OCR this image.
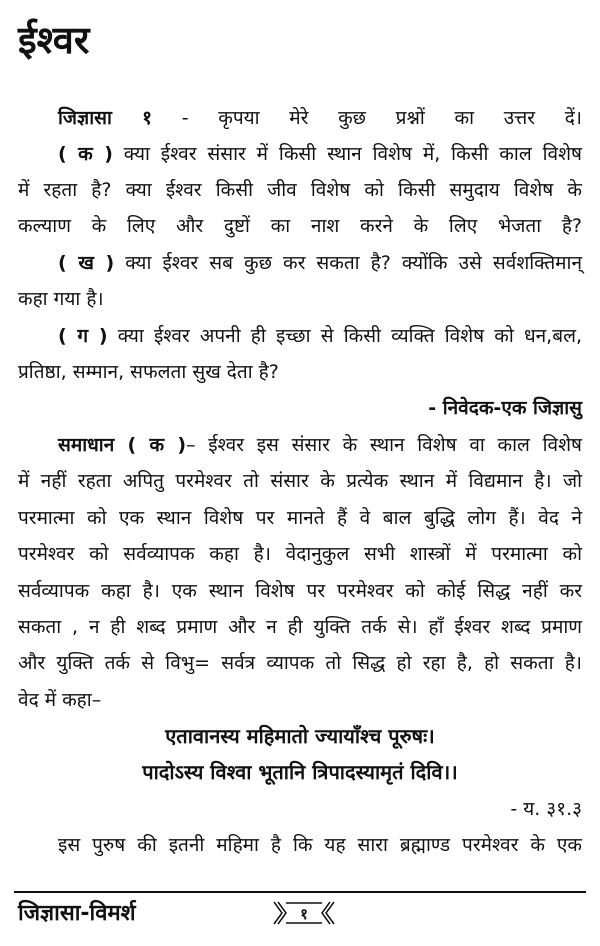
ईश्वर
जिज्ञासा १ - कृपया मेरे कुछ प्रश्नों का उत्तर दें।
( क ) क्या ईश्वर संसार में किसी स्थान विशेष में, किसी काल विशेष
में रहता है? क्या ईश्वर किसी जीव विशेष को किसी समुदाय विशेष के
कल्याण के लिए और दुष्टों का नाश करने के लिए भेजता है?
( ख ) क्या ईश्वर सब कुछ कर सकता है? क्योंकि उसे सर्वशक्तिमान्
कहा गया है।
( ग ) क्या ईश्वर अपनी ही इच्छा से किसी व्यक्ति विशेष को धन,बल,
प्रतिष्ठा, सम्मान, सफलता सुख देता है?
- निवेदक-एक जिज्ञासु
समाधान ( क )– ईश्वर इस संसार के स्थान विशेष वा काल विशेष
में नहीं रहता अपितु परमेश्वर तो संसार के प्रत्येक स्थान में विद्यमान है। जो
परमात्मा को एक स्थान विशेष पर मानते हैं वे बाल बुद्धि लोग हैं। वेद ने
परमेश्वर को सर्वव्यापक कहा है। वेदानुकुल सभी शास्त्रों में परमात्मा को
सर्वव्यापक कहा है। एक स्थान विशेष पर परमेश्वर को कोई सिद्ध नहीं कर
सकता , न ही शब्द प्रमाण और न ही युक्ति तर्क से। हाँ ईश्वर शब्द प्रमाण
और युक्ति तर्क से विभु= सर्वत्र व्यापक तो सिद्ध हो रहा है, हो सकता है।
वेद में कहा–
एतावानस्य महिमातो ज्यायाँश्च पूरुषः।
पादोऽस्य विश्वा भूतानि त्रिपादस्यामृतं दिवि।।
- य. ३१.३
इस पुरुष की इतनी महिमा है कि यह सारा ब्रह्माण्ड परमेश्वर के एक
जिज्ञासा-विमर्श	१
